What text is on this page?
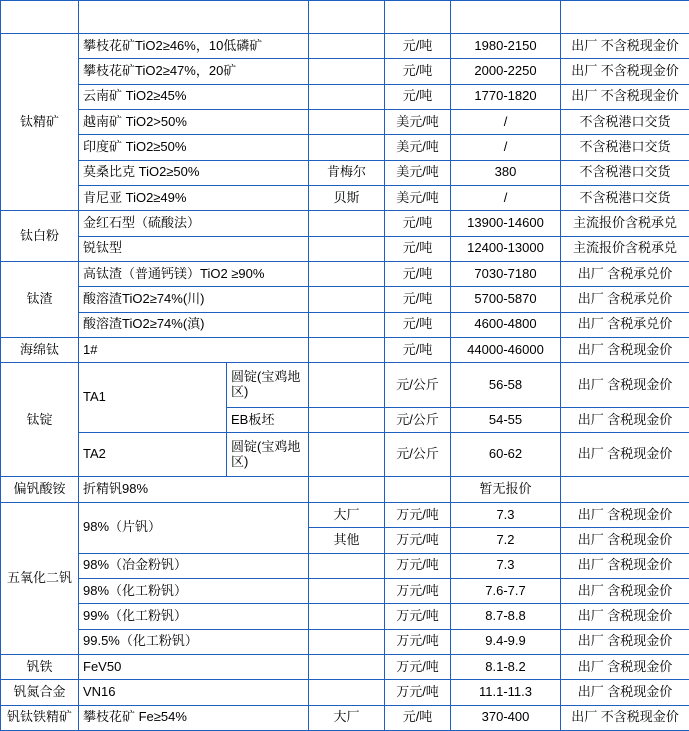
产品	规格/牌号		生产厂家	单位	主流报价	备注
钛精矿	攀枝花矿TiO2≥46%，10低磷矿			元/吨	1980-2150	出厂 不含税现金价
	攀枝花矿TiO2≥47%，20矿			元/吨	2000-2250	出厂 不含税现金价
	云南矿 TiO2≥45%			元/吨	1770-1820	出厂 不含税现金价
	越南矿 TiO2>50%			美元/吨	/	不含税港口交货
	印度矿 TiO2≥50%			美元/吨	/	不含税港口交货
	莫桑比克 TiO2≥50%		肯梅尔	美元/吨	380	不含税港口交货
	肯尼亚 TiO2≥49%		贝斯	美元/吨	/	不含税港口交货
钛白粉	金红石型（硫酸法）			元/吨	13900-14600	主流报价含税承兑
	锐钛型			元/吨	12400-13000	主流报价含税承兑
钛渣	高钛渣（普通钙镁）TiO2 ≥90%			元/吨	7030-7180	出厂 含税承兑价
	酸溶渣TiO2≥74%(川)			元/吨	5700-5870	出厂 含税承兑价
	酸溶渣TiO2≥74%(滇)			元/吨	4600-4800	出厂 含税承兑价
海绵钛	1#			元/吨	44000-46000	出厂 含税现金价
钛锭	TA1	圆锭(宝鸡地区)		元/公斤	56-58	出厂 含税现金价
		EB板坯		元/公斤	54-55	出厂 含税现金价
	TA2	圆锭(宝鸡地区)		元/公斤	60-62	出厂 含税现金价
偏钒酸铵	折精钒98%				暂无报价	
五氧化二钒	98%（片钒）		大厂	万元/吨	7.3	出厂 含税现金价
			其他	万元/吨	7.2	出厂 含税现金价
	98%（冶金粉钒）			万元/吨	7.3	出厂 含税现金价
	98%（化工粉钒）			万元/吨	7.6-7.7	出厂 含税现金价
	99%（化工粉钒）			万元/吨	8.7-8.8	出厂 含税现金价
	99.5%（化工粉钒）			万元/吨	9.4-9.9	出厂 含税现金价
钒铁	FeV50			万元/吨	8.1-8.2	出厂 含税现金价
钒氮合金	VN16			万元/吨	11.1-11.3	出厂 含税现金价
钒钛铁精矿	攀枝花矿 Fe≥54%		大厂	元/吨	370-400	出厂 不含税现金价
